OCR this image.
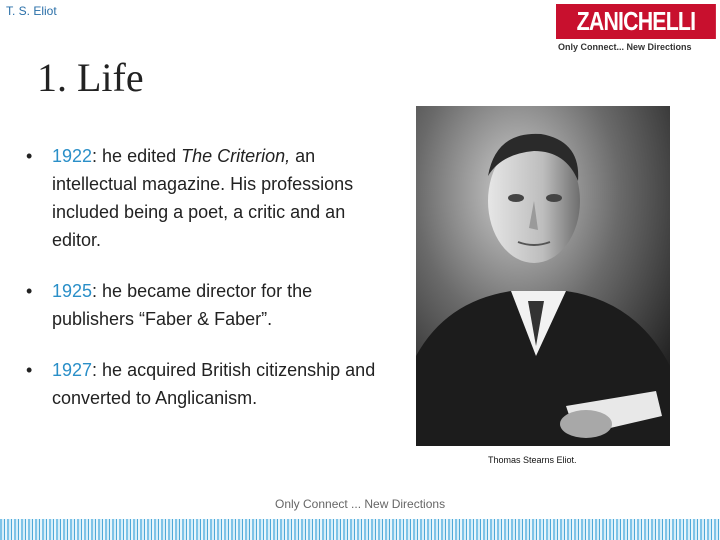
T. S. Eliot	ZANICHELLI
Only Connect... New Directions
1. Life
• 1922: he edited The Criterion, an intellectual magazine. His professions included being a poet, a critic and an editor.
• 1925: he became director for the publishers “Faber & Faber”.
• 1927: he acquired British citizenship and converted to Anglicanism.
Thomas Stearns Eliot.
Only Connect ... New Directions
